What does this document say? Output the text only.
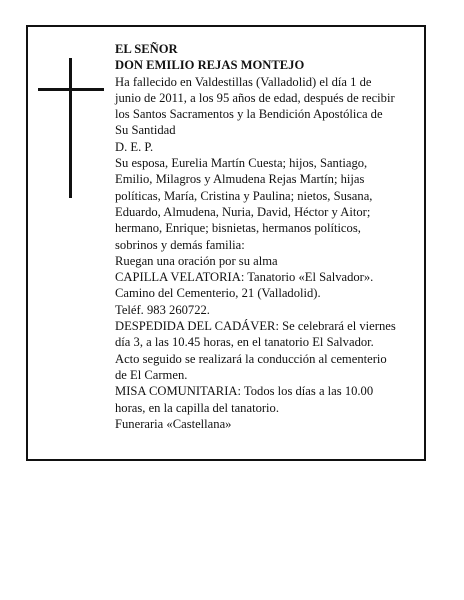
EL SEÑOR
DON EMILIO REJAS MONTEJO
Ha fallecido en Valdestillas (Valladolid) el día 1 de
junio de 2011, a los 95 años de edad, después de recibir
los Santos Sacramentos y la Bendición Apostólica de
Su Santidad
D. E. P.
Su esposa, Eurelia Martín Cuesta; hijos, Santiago,
Emilio, Milagros y Almudena Rejas Martín; hijas
políticas, María, Cristina y Paulina; nietos, Susana,
Eduardo, Almudena, Nuria, David, Héctor y Aitor;
hermano, Enrique; bisnietas, hermanos políticos,
sobrinos y demás familia:
Ruegan una oración por su alma
CAPILLA VELATORIA: Tanatorio «El Salvador».
Camino del Cementerio, 21 (Valladolid).
Teléf. 983 260722.
DESPEDIDA DEL CADÁVER: Se celebrará el viernes
día 3, a las 10.45 horas, en el tanatorio El Salvador.
Acto seguido se realizará la conducción al cementerio
de El Carmen.
MISA COMUNITARIA: Todos los días a las 10.00
horas, en la capilla del tanatorio.
Funeraria «Castellana»
